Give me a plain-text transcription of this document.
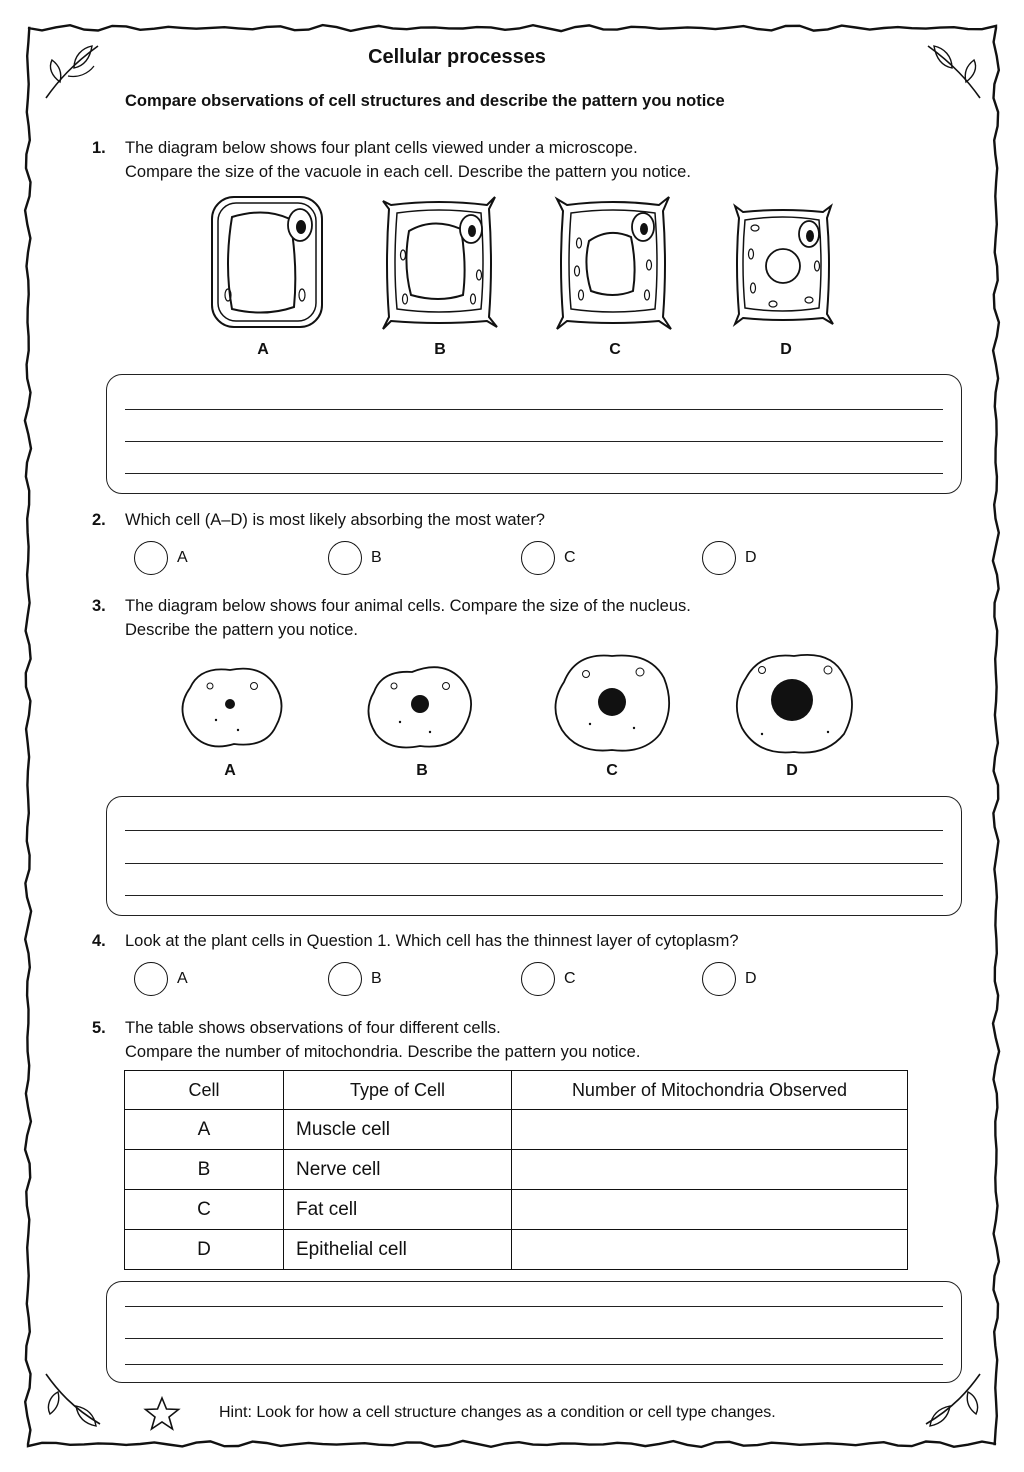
Cellular processes
Compare observations of cell structures and describe the pattern you notice
1. The diagram below shows four plant cells viewed under a microscope.
Compare the size of the vacuole in each cell. Describe the pattern you notice.
A	B	C	D
2. Which cell (A–D) is most likely absorbing the most water?
A	B	C	D
3. The diagram below shows four animal cells. Compare the size of the nucleus.
Describe the pattern you notice.
A	B	C	D
4. Look at the plant cells in Question 1. Which cell has the thinnest layer of cytoplasm?
A	B	C	D
5. The table shows observations of four different cells.
Compare the number of mitochondria. Describe the pattern you notice.
Cell	Type of Cell	Number of Mitochondria Observed
A	Muscle cell	
B	Nerve cell	
C	Fat cell	
D	Epithelial cell	
Hint: Look for how a cell structure changes as a condition or cell type changes.
